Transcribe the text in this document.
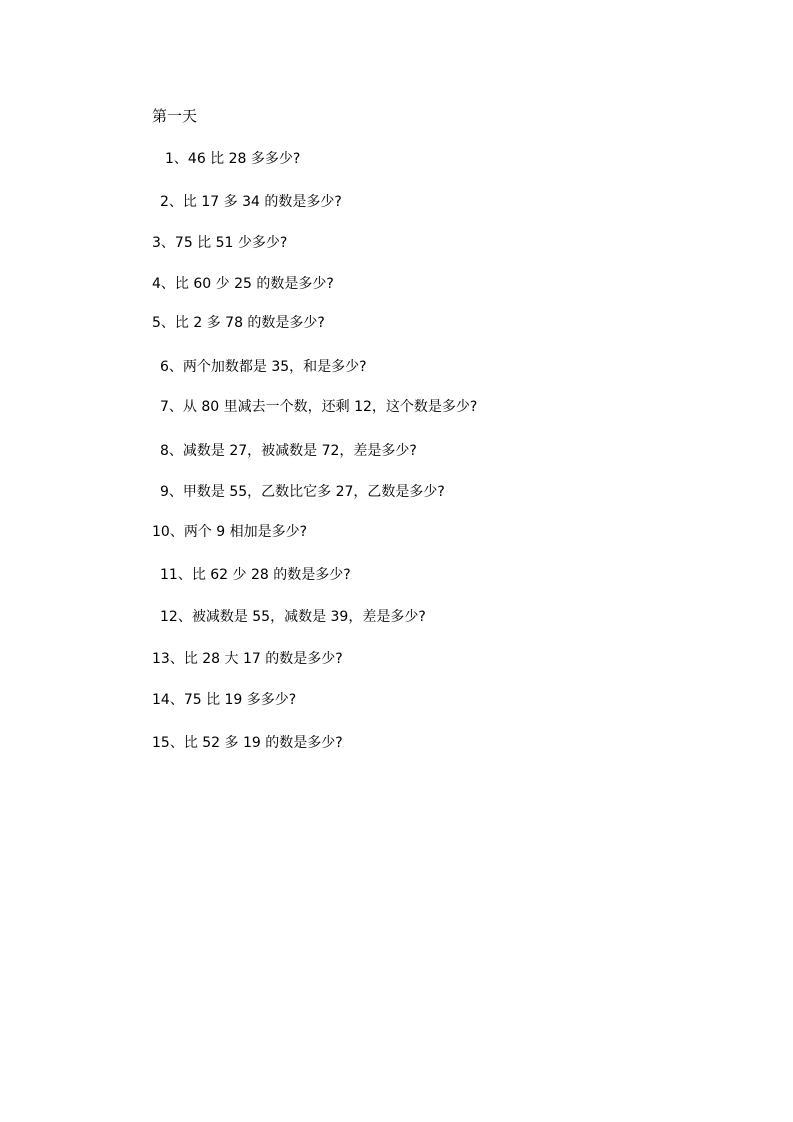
第一天
1、46 比 28 多多少?
2、比 17 多 34 的数是多少?
3、75 比 51 少多少?
4、比 60 少 25 的数是多少?
5、比 2 多 78 的数是多少?
6、两个加数都是 35，和是多少?
7、从 80 里减去一个数，还剩 12，这个数是多少?
8、减数是 27，被减数是 72，差是多少?
9、甲数是 55，乙数比它多 27，乙数是多少?
10、两个 9 相加是多少?
11、比 62 少 28 的数是多少?
12、被减数是 55，减数是 39，差是多少?
13、比 28 大 17 的数是多少?
14、75 比 19 多多少?
15、比 52 多 19 的数是多少?
